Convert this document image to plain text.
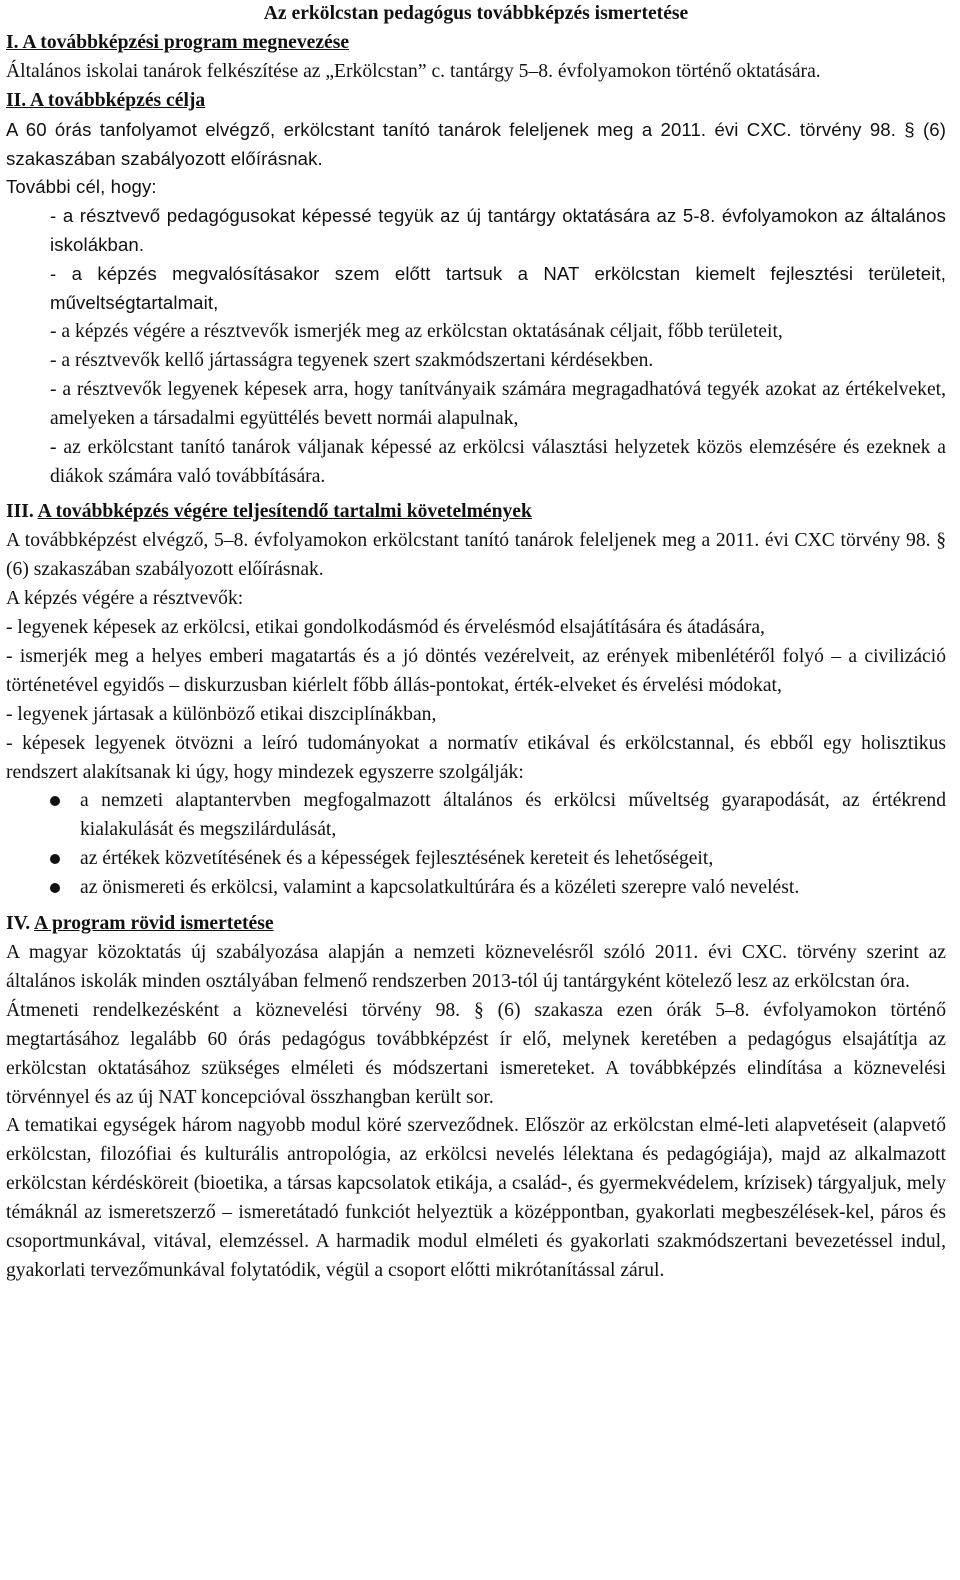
Az erkölcstan pedagógus továbbképzés ismertetése
I. A továbbképzési program megnevezése
Általános iskolai tanárok felkészítése az „Erkölcstan” c. tantárgy 5–8. évfolyamokon történő oktatására.
II. A továbbképzés célja
A 60 órás tanfolyamot elvégző, erkölcstant tanító tanárok feleljenek meg a 2011. évi CXC. törvény 98. § (6) szakaszában szabályozott előírásnak.
További cél, hogy:
- a résztvevő pedagógusokat képessé tegyük az új tantárgy oktatására az 5-8. évfolyamokon az általános iskolákban.
- a képzés megvalósításakor szem előtt tartsuk a NAT erkölcstan kiemelt fejlesztési területeit, műveltségtartalmait,
- a képzés végére a résztvevők ismerjék meg az erkölcstan oktatásának céljait, főbb területeit,
- a résztvevők kellő jártasságra tegyenek szert szakmódszertani kérdésekben.
- a résztvevők legyenek képesek arra, hogy tanítványaik számára megragadhatóvá tegyék azokat az értékelveket, amelyeken a társadalmi együttélés bevett normái alapulnak,
- az erkölcstant tanító tanárok váljanak képessé az erkölcsi választási helyzetek közös elemzésére és ezeknek a diákok számára való továbbítására.
III. A továbbképzés végére teljesítendő tartalmi követelmények
A továbbképzést elvégző, 5–8. évfolyamokon erkölcstant tanító tanárok feleljenek meg a 2011. évi CXC törvény 98. § (6) szakaszában szabályozott előírásnak.
A képzés végére a résztvevők:
- legyenek képesek az erkölcsi, etikai gondolkodásmód és érvelésmód elsajátítására és átadására,
- ismerjék meg a helyes emberi magatartás és a jó döntés vezérelveit, az erények mibenlétéről folyó – a civilizáció történetével egyidős – diskurzusban kiérlelt főbb állás-pontokat, érték-elveket és érvelési módokat,
- legyenek jártasak a különböző etikai diszciplínákban,
- képesek legyenek ötvözni a leíró tudományokat a normatív etikával és erkölcstannal, és ebből egy holisztikus rendszert alakítsanak ki úgy, hogy mindezek egyszerre szolgálják:
a nemzeti alaptantervben megfogalmazott általános és erkölcsi műveltség gyarapodását, az értékrend kialakulását és megszilárdulását,
az értékek közvetítésének és a képességek fejlesztésének kereteit és lehetőségeit,
az önismereti és erkölcsi, valamint a kapcsolatkultúrára és a közéleti szerepre való nevelést.
IV. A program rövid ismertetése
A magyar közoktatás új szabályozása alapján a nemzeti köznevelésről szóló 2011. évi CXC. törvény szerint az általános iskolák minden osztályában felmenő rendszerben 2013-tól új tantárgyként kötelező lesz az erkölcstan óra.
Átmeneti rendelkezésként a köznevelési törvény 98. § (6) szakasza ezen órák 5–8. évfolyamokon történő megtartásához legalább 60 órás pedagógus továbbképzést ír elő, melynek keretében a pedagógus elsajátítja az erkölcstan oktatásához szükséges elméleti és módszertani ismereteket. A továbbképzés elindítása a köznevelési törvénnyel és az új NAT koncepcióval összhangban került sor.
A tematikai egységek három nagyobb modul köré szerveződnek. Először az erkölcstan elmé-leti alapvetéseit (alapvető erkölcstan, filozófiai és kulturális antropológia, az erkölcsi nevelés lélektana és pedagógiája), majd az alkalmazott erkölcstan kérdésköreit (bioetika, a társas kapcsolatok etikája, a család-, és gyermekvédelem, krízisek) tárgyaljuk, mely témáknál az ismeretszerző – ismeretátadó funkciót helyeztük a középpontban, gyakorlati megbeszélések-kel, páros és csoportmunkával, vitával, elemzéssel. A harmadik modul elméleti és gyakorlati szakmódszertani bevezetéssel indul, gyakorlati tervezőmunkával folytatódik, végül a csoport előtti mikrótanítással zárul.
